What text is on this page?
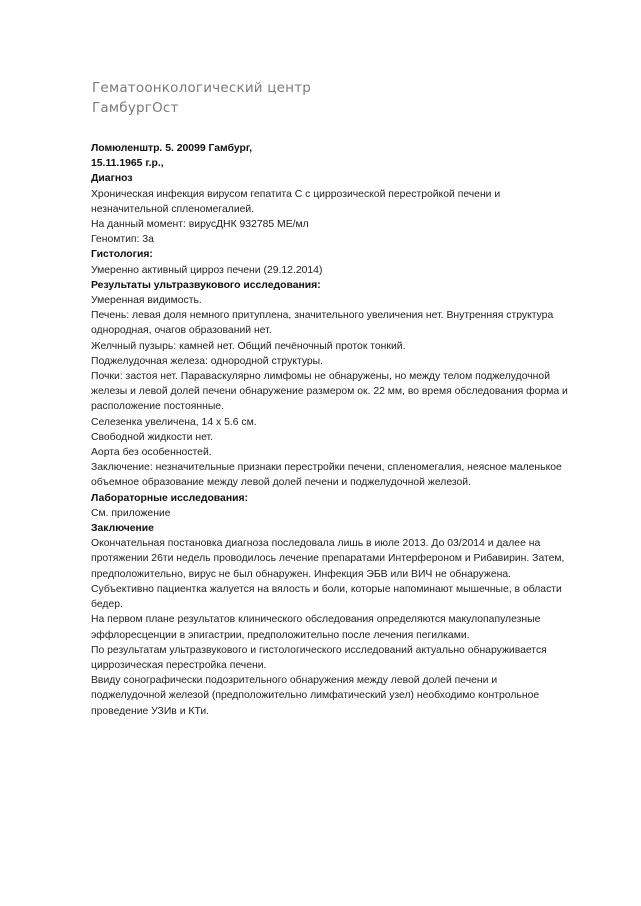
Гематоонкологический центр
ГамбургОст
Ломюленштр. 5. 20099 Гамбург,
15.11.1965 г.р.,
Диагноз
Хроническая инфекция вирусом гепатита С с циррозической перестройкой печени и
незначительной спленомегалией.
На данный момент: вирусДНК 932785 МЕ/мл
Геномтип: 3а
Гистология:
Умеренно активный цирроз печени (29.12.2014)
Результаты ультразвукового исследования:
Умеренная видимость.
Печень: левая доля немного притуплена, значительного увеличения нет. Внутренняя структура
однородная, очагов образований нет.
Желчный пузырь: камней нет. Общий печёночный проток тонкий.
Поджелудочная железа: однородной структуры.
Почки: застоя нет. Паравaскулярно лимфомы не обнаружены, но между телом поджелудочной
железы и левой долей печени обнаружение размером ок. 22 мм, во время обследования форма и
расположение постоянные.
Селезенка увеличена, 14 х 5.6 см.
Свободной жидкости нет.
Аорта без особенностей.
Заключение: незначительные признаки перестройки печени, спленомегалия, неясное маленькое
объемное образование между левой долей печени и поджелудочной железой.
Лабораторные исследования:
См. приложение
Заключение
Окончательная постановка диагноза последовала лишь в июле 2013. До 03/2014 и далее на
протяжении 26ти недель проводилось лечение препаратами Интерфероном и Рибавирин. Затем,
предположительно, вирус не был обнаружен. Инфекция ЭБВ или ВИЧ не обнаружена.
Субъективно пациентка жалуется на вялость и боли, которые напоминают мышечные, в области
бедер.
На первом плане результатов клинического обследования определяются макулопапулезные
эффлоресценции в эпигастрии, предположительно после лечения пегилками.
По результатам ультразвукового и гистологического исследований актуально обнаруживается
циррозическая перестройка печени.
Ввиду сонографически подозрительного обнаружения между левой долей печени и
поджелудочной железой (предположительно лимфатический узел) необходимо контрольное
проведение УЗИв и КТи.
